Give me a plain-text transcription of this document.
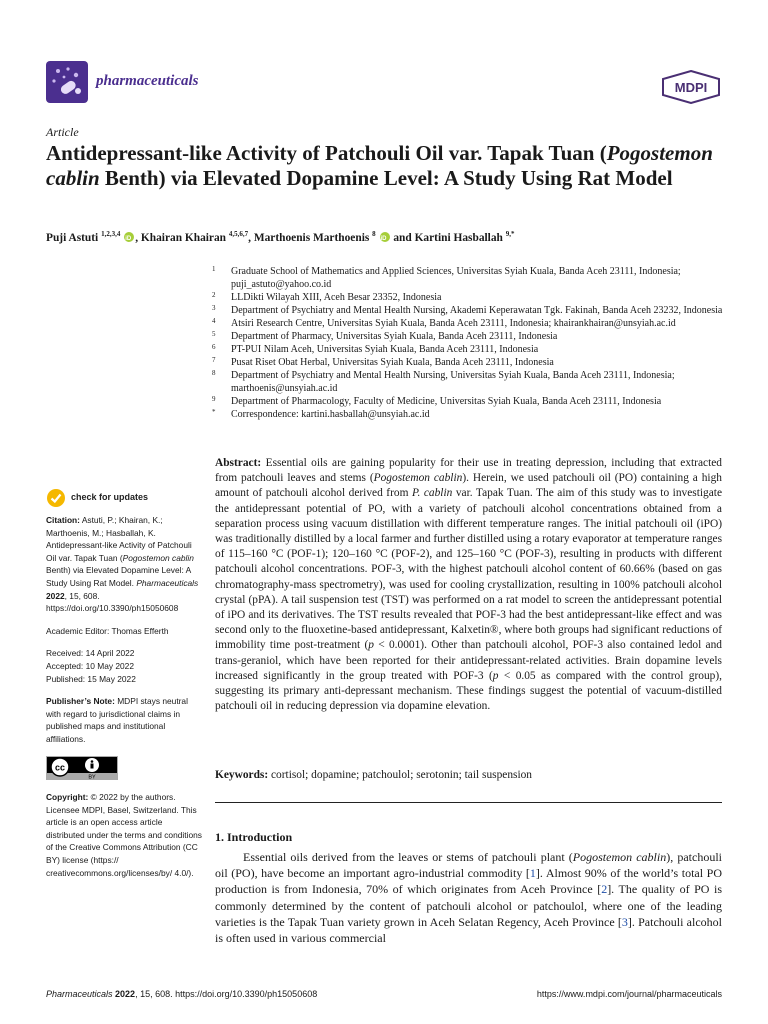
pharmaceuticals	MDPI
Article
Antidepressant-like Activity of Patchouli Oil var. Tapak Tuan (Pogostemon cablin Benth) via Elevated Dopamine Level: A Study Using Rat Model
Puji Astuti $^{1,2,3,4}$ iD , Khairan Khairan $^{4,5,6,7}$, Marthoenis Marthoenis $^8$ iD and Kartini Hasballah $^{9,*}$
1	Graduate School of Mathematics and Applied Sciences, Universitas Syiah Kuala, Banda Aceh 23111, Indonesia; puji_astuto@yahoo.co.id
2	LLDikti Wilayah XIII, Aceh Besar 23352, Indonesia
3	Department of Psychiatry and Mental Health Nursing, Akademi Keperawatan Tgk. Fakinah, Banda Aceh 23232, Indonesia
4	Atsiri Research Centre, Universitas Syiah Kuala, Banda Aceh 23111, Indonesia; khairankhairan@unsyiah.ac.id
5	Department of Pharmacy, Universitas Syiah Kuala, Banda Aceh 23111, Indonesia
6	PT-PUI Nilam Aceh, Universitas Syiah Kuala, Banda Aceh 23111, Indonesia
7	Pusat Riset Obat Herbal, Universitas Syiah Kuala, Banda Aceh 23111, Indonesia
8	Department of Psychiatry and Mental Health Nursing, Universitas Syiah Kuala, Banda Aceh 23111, Indonesia; marthoenis@unsyiah.ac.id
9	Department of Pharmacology, Faculty of Medicine, Universitas Syiah Kuala, Banda Aceh 23111, Indonesia
*	Correspondence: kartini.hasballah@unsyiah.ac.id
check for updates
Citation: Astuti, P.; Khairan, K.; Marthoenis, M.; Hasballah, K. Antidepressant-like Activity of Patchouli Oil var. Tapak Tuan (Pogostemon cablin Benth) via Elevated Dopamine Level: A Study Using Rat Model. Pharmaceuticals 2022, 15, 608. https://doi.org/10.3390/ph15050608
Academic Editor: Thomas Efferth
Received: 14 April 2022
Accepted: 10 May 2022
Published: 15 May 2022
Publisher’s Note: MDPI stays neutral with regard to jurisdictional claims in published maps and institutional affiliations.
cc
BY
Copyright: © 2022 by the authors. Licensee MDPI, Basel, Switzerland. This article is an open access article distributed under the terms and conditions of the Creative Commons Attribution (CC BY) license (https:// creativecommons.org/licenses/by/ 4.0/).
Abstract: Essential oils are gaining popularity for their use in treating depression, including that extracted from patchouli leaves and stems (Pogostemon cablin). Herein, we used patchouli oil (PO) containing a high amount of patchouli alcohol derived from P. cablin var. Tapak Tuan. The aim of this study was to investigate the antidepressant potential of PO, with a variety of patchouli alcohol concentrations obtained from a separation process using vacuum distillation with different temperature ranges. The initial patchouli oil (iPO) was traditionally distilled by a local farmer and further distilled using a rotary evaporator at temperature ranges of 115–160 °C (POF-1); 120–160 °C (POF-2), and 125–160 °C (POF-3), resulting in products with different patchouli alcohol concentrations. POF-3, with the highest patchouli alcohol content of 60.66% (based on gas chromatography-mass spectrometry), was used for cooling crystallization, resulting in 100% patchouli alcohol crystal (pPA). A tail suspension test (TST) was performed on a rat model to screen the antidepressant potential of iPO and its derivatives. The TST results revealed that POF-3 had the best antidepressant-like effect and was second only to the fluoxetine-based antidepressant, Kalxetin®, where both groups had significant reductions of immobility time post-treatment (p < 0.0001). Other than patchouli alcohol, POF-3 also contained ledol and trans-geraniol, which have been reported for their antidepressant-related activities. Brain dopamine levels increased significantly in the group treated with POF-3 (p < 0.05 as compared with the control group), suggesting its primary anti-depressant mechanism. These findings suggest the potential of vacuum-distilled patchouli oil in reducing depression via dopamine elevation.
Keywords: cortisol; dopamine; patchoulol; serotonin; tail suspension
1. Introduction
Essential oils derived from the leaves or stems of patchouli plant (Pogostemon cablin), patchouli oil (PO), have become an important agro-industrial commodity [1]. Almost 90% of the world’s total PO production is from Indonesia, 70% of which originates from Aceh Province [2]. The quality of PO is commonly determined by the content of patchouli alcohol or patchoulol, where one of the leading varieties is the Tapak Tuan variety grown in Aceh Selatan Regency, Aceh Province [3]. Patchouli alcohol is often used in various commercial
Pharmaceuticals 2022, 15, 608. https://doi.org/10.3390/ph15050608	https://www.mdpi.com/journal/pharmaceuticals
